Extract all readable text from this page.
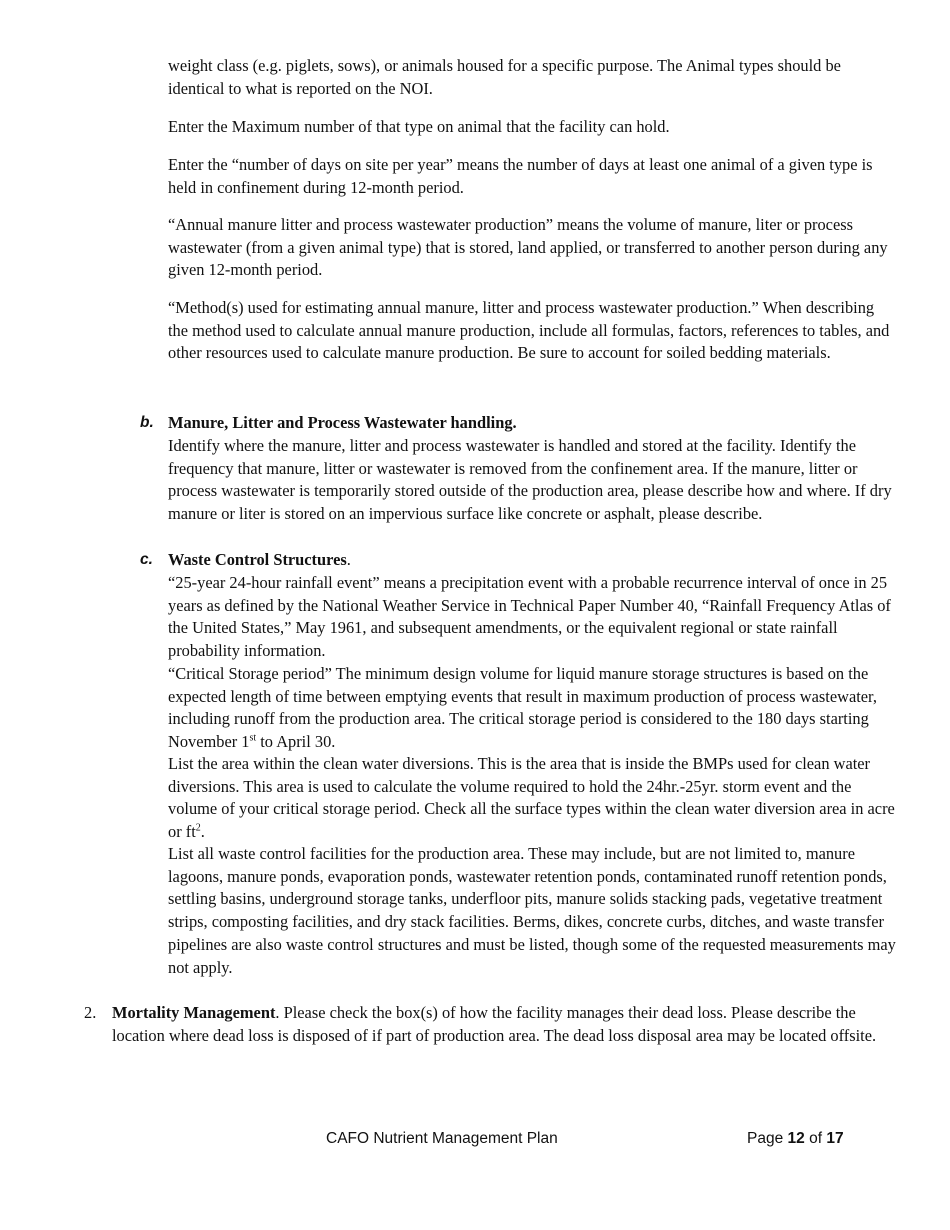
weight class (e.g. piglets, sows), or animals housed for a specific purpose. The Animal types should be identical to what is reported on the NOI.

Enter the Maximum number of that type on animal that the facility can hold.

Enter the “number of days on site per year” means the number of days at least one animal of a given type is held in confinement during 12-month period.

“Annual manure litter and process wastewater production” means the volume of manure, liter or process wastewater (from a given animal type) that is stored, land applied, or transferred to another person during any given 12-month period.

“Method(s) used for estimating annual manure, litter and process wastewater production.” When describing the method used to calculate annual manure production, include all formulas, factors, references to tables, and other resources used to calculate manure production. Be sure to account for soiled bedding materials.

b. Manure, Litter and Process Wastewater handling.

Identify where the manure, litter and process wastewater is handled and stored at the facility. Identify the frequency that manure, litter or wastewater is removed from the confinement area. If the manure, litter or process wastewater is temporarily stored outside of the production area, please describe how and where. If dry manure or liter is stored on an impervious surface like concrete or asphalt, please describe.

c. Waste Control Structures.

“25-year 24-hour rainfall event” means a precipitation event with a probable recurrence interval of once in 25 years as defined by the National Weather Service in Technical Paper Number 40, “Rainfall Frequency Atlas of the United States,” May 1961, and subsequent amendments, or the equivalent regional or state rainfall probability information.

“Critical Storage period” The minimum design volume for liquid manure storage structures is based on the expected length of time between emptying events that result in maximum production of process wastewater, including runoff from the production area. The critical storage period is considered to the 180 days starting November 1st to April 30.

List the area within the clean water diversions. This is the area that is inside the BMPs used for clean water diversions. This area is used to calculate the volume required to hold the 24hr.-25yr. storm event and the volume of your critical storage period. Check all the surface types within the clean water diversion area in acre or $ft^2$.

List all waste control facilities for the production area. These may include, but are not limited to, manure lagoons, manure ponds, evaporation ponds, wastewater retention ponds, contaminated runoff retention ponds, settling basins, underground storage tanks, underfloor pits, manure solids stacking pads, vegetative treatment strips, composting facilities, and dry stack facilities. Berms, dikes, concrete curbs, ditches, and waste transfer pipelines are also waste control structures and must be listed, though some of the requested measurements may not apply.

2. Mortality Management. Please check the box(s) of how the facility manages their dead loss. Please describe the location where dead loss is disposed of if part of production area. The dead loss disposal area may be located offsite.

CAFO Nutrient Management Plan	Page 12 of 17
